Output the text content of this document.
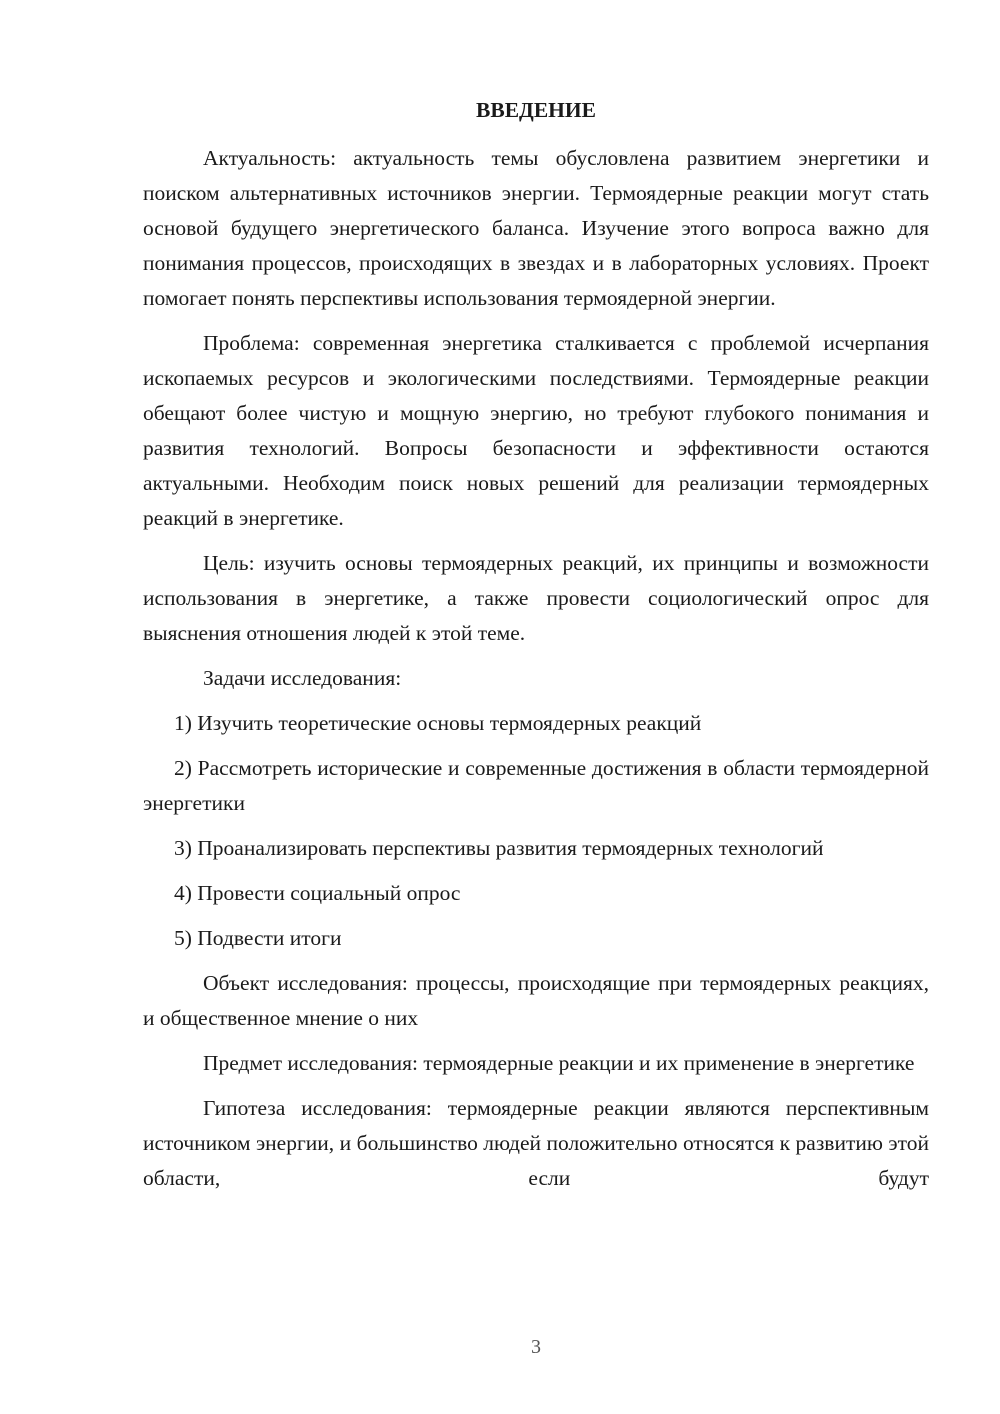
ВВЕДЕНИЕ

Актуальность: актуальность темы обусловлена развитием энергетики и поиском альтернативных источников энергии. Термоядерные реакции могут стать основой будущего энергетического баланса. Изучение этого вопроса важно для понимания процессов, происходящих в звездах и в лабораторных условиях. Проект помогает понять перспективы использования термоядерной энергии.

Проблема: современная энергетика сталкивается с проблемой исчерпания ископаемых ресурсов и экологическими последствиями. Термоядерные реакции обещают более чистую и мощную энергию, но требуют глубокого понимания и развития технологий. Вопросы безопасности и эффективности остаются актуальными. Необходим поиск новых решений для реализации термоядерных реакций в энергетике.

Цель: изучить основы термоядерных реакций, их принципы и возможности использования в энергетике, а также провести социологический опрос для выяснения отношения людей к этой теме.

Задачи исследования:

1) Изучить теоретические основы термоядерных реакций

2) Рассмотреть исторические и современные достижения в области термоядерной энергетики

3) Проанализировать перспективы развития термоядерных технологий

4) Провести социальный опрос

5) Подвести итоги

Объект исследования: процессы, происходящие при термоядерных реакциях, и общественное мнение о них

Предмет исследования: термоядерные реакции и их применение в энергетике

Гипотеза исследования: термоядерные реакции являются перспективным источником энергии, и большинство людей положительно относятся к развитию этой области, если будут

3
